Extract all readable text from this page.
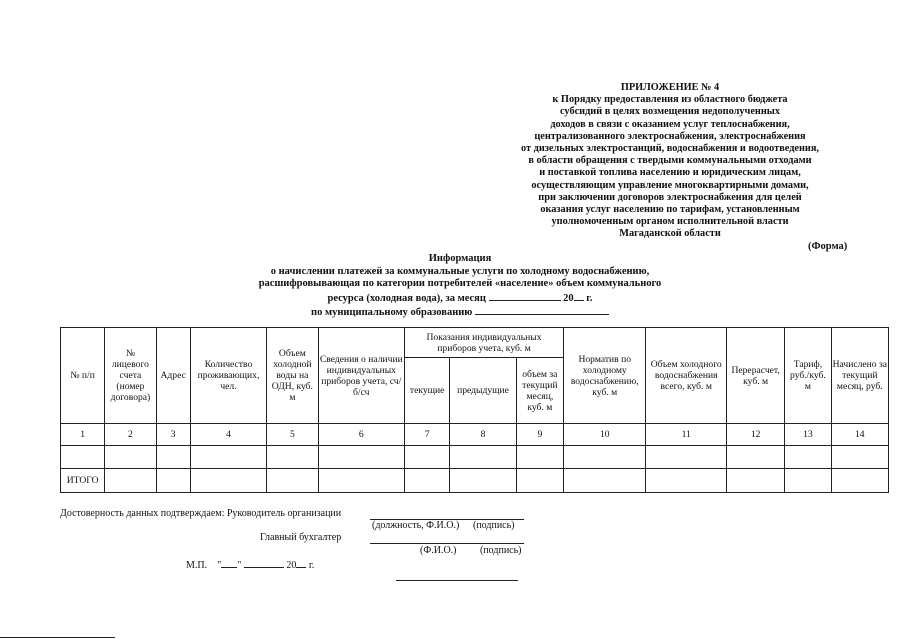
ПРИЛОЖЕНИЕ № 4
к Порядку предоставления из областного бюджета
субсидий в целях возмещения недополученных
доходов в связи с оказанием услуг теплоснабжения,
централизованного электроснабжения, электроснабжения
от дизельных электростанций, водоснабжения и водоотведения,
в области обращения с твердыми коммунальными отходами
и поставкой топлива населению и юридическим лицам,
осуществляющим управление многоквартирными домами,
при заключении договоров электроснабжения для целей
оказания услуг населению по тарифам, установленным
уполномоченным органом исполнительной власти
Магаданской области
(Форма)
Информация
о начислении платежей за коммунальные услуги по холодному водоснабжению,
расшифровывающая по категории потребителей «население» объем коммунального
ресурса (холодная вода), за месяц	20 г.
по муниципальному образованию
№ п/п	№ лицевого счета (номер договора)	Адрес	Количество проживающих, чел.	Объем холодной воды на ОДН, куб. м	Сведения о наличии индивидуальных приборов учета, сч/б/сч	Показания индивидуальных приборов учета, куб. м			Норматив по холодному водоснабжению, куб. м	Объем холодного водоснабжения всего, куб. м	Перерасчет, куб. м	Тариф, руб./куб. м	Начислено за текущий месяц, руб.
						текущие	предыдущие	объем за текущий месяц, куб. м					
1	2	3	4	5	6	7	8	9	10	11	12	13	14

ИТОГО													
Достоверность данных подтверждаем: Руководитель организации
(должность, Ф.И.О.) (подпись)
Главный бухгалтер
(Ф.И.О.) (подпись)
М.П. " "	20 г.
